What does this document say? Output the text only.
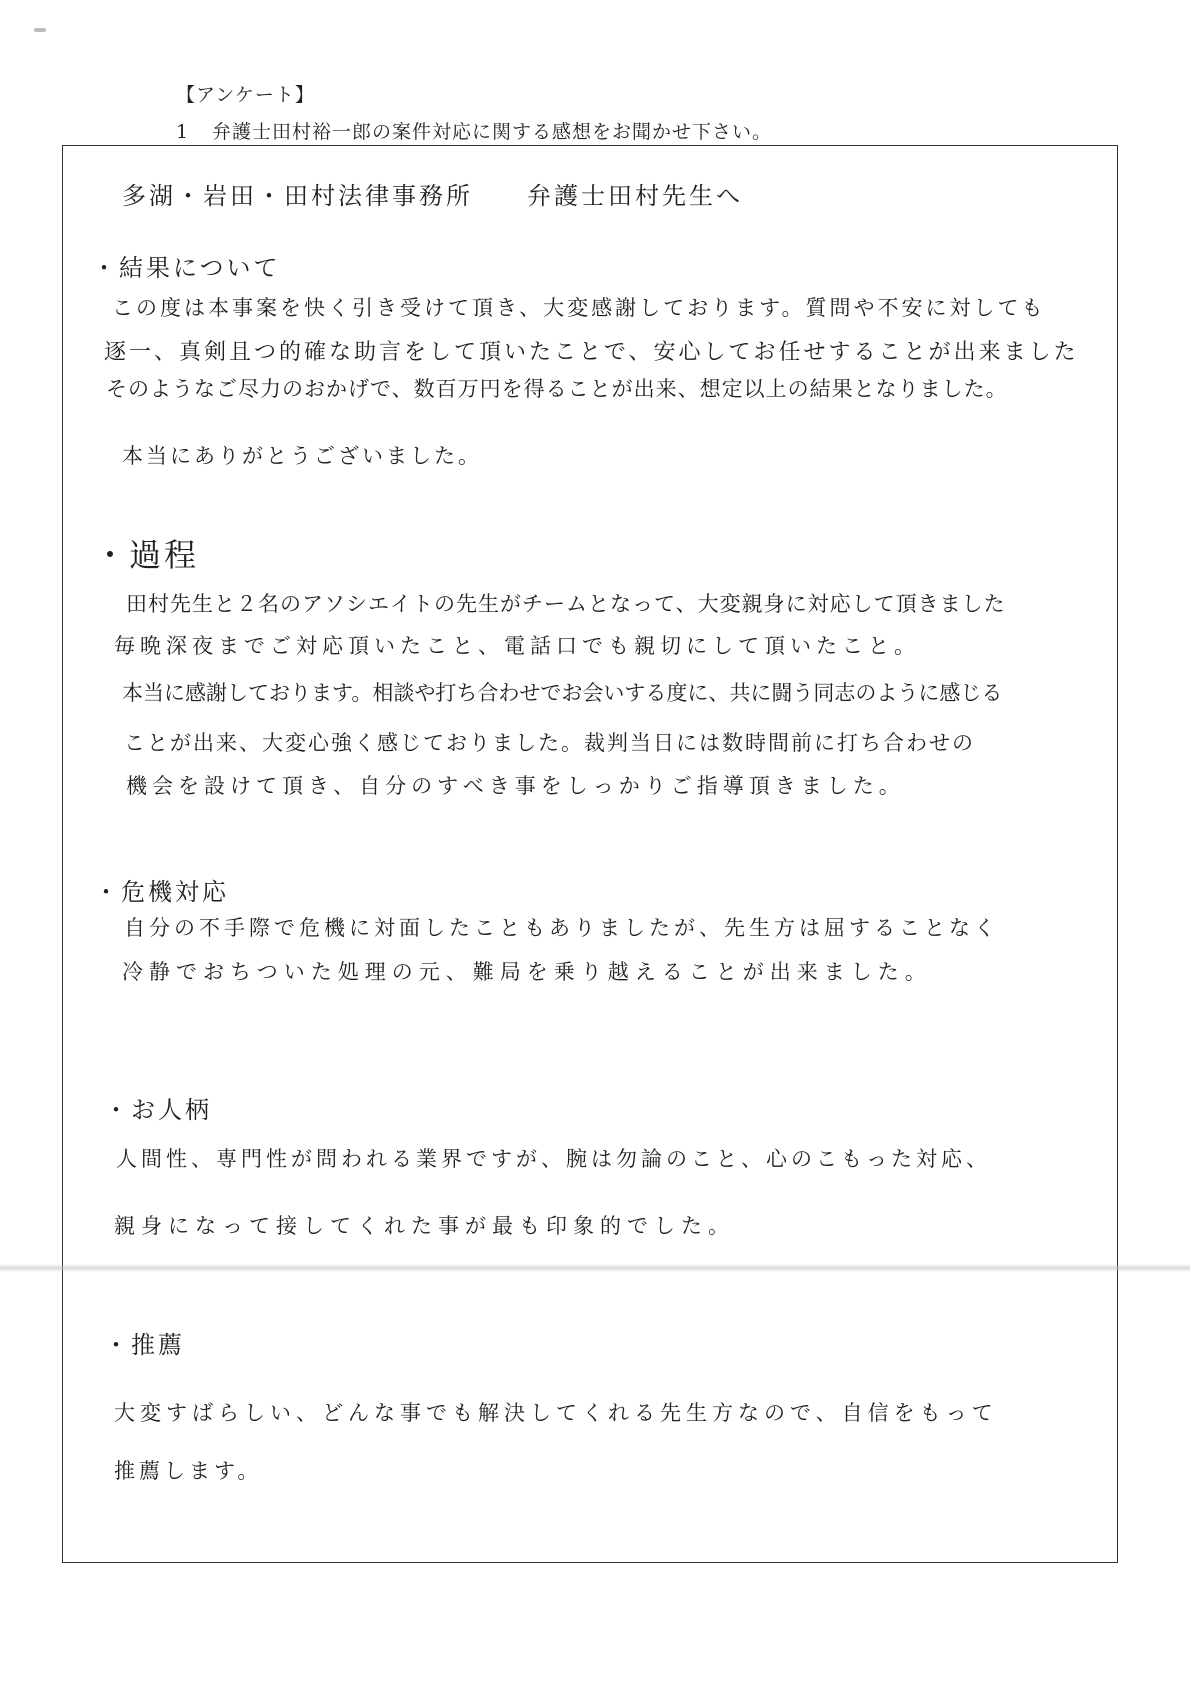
【アンケート】
1 弁護士田村裕一郎の案件対応に関する感想をお聞かせ下さい。
多湖・岩田・田村法律事務所　　弁護士田村先生へ
・結果について
この度は本事案を快く引き受けて頂き、大変感謝しております。質問や不安に対しても
逐一、真剣且つ的確な助言をして頂いたことで、安心してお任せすることが出来ました
そのようなご尽力のおかげで、数百万円を得ることが出来、想定以上の結果となりました。
本当にありがとうございました。
・過程
田村先生と２名のアソシエイトの先生がチームとなって、大変親身に対応して頂きました
毎晩深夜までご対応頂いたこと、電話口でも親切にして頂いたこと。
本当に感謝しております。相談や打ち合わせでお会いする度に、共に闘う同志のように感じる
ことが出来、大変心強く感じておりました。裁判当日には数時間前に打ち合わせの
機会を設けて頂き、自分のすべき事をしっかりご指導頂きました。
・危機対応
自分の不手際で危機に対面したこともありましたが、先生方は屈することなく
冷静でおちついた処理の元、難局を乗り越えることが出来ました。
・お人柄
人間性、専門性が問われる業界ですが、腕は勿論のこと、心のこもった対応、
親身になって接してくれた事が最も印象的でした。
・推薦
大変すばらしい、どんな事でも解決してくれる先生方なので、自信をもって
推薦します。
